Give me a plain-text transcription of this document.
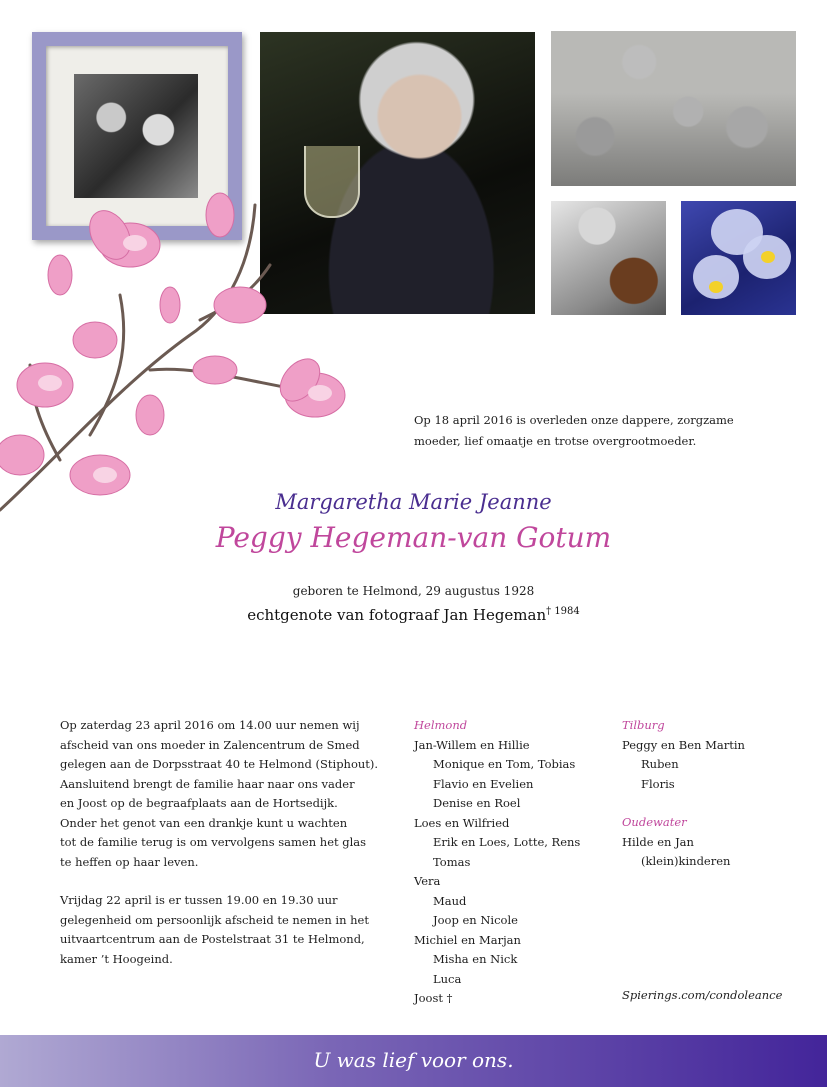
Op 18 april 2016 is overleden onze dappere, zorgzame
moeder, lief omaatje en trotse overgrootmoeder.
Margaretha Marie Jeanne
Peggy Hegeman-van Gotum
geboren te Helmond, 29 augustus 1928
echtgenote van fotograaf Jan Hegeman$^{\dagger 1984}$
Op zaterdag 23 april 2016 om 14.00 uur nemen wij
afscheid van ons moeder in Zalencentrum de Smed
gelegen aan de Dorpsstraat 40 te Helmond (Stiphout).
Aansluitend brengt de familie haar naar ons vader
en Joost op de begraafplaats aan de Hortsedijk.
Onder het genot van een drankje kunt u wachten
tot de familie terug is om vervolgens samen het glas
te heffen op haar leven.
Vrijdag 22 april is er tussen 19.00 en 19.30 uur
gelegenheid om persoonlijk afscheid te nemen in het
uitvaartcentrum aan de Postelstraat 31 te Helmond,
kamer ’t Hoogeind.
Helmond
Jan-Willem en Hillie
Monique en Tom, Tobias
Flavio en Evelien
Denise en Roel
Loes en Wilfried
Erik en Loes, Lotte, Rens
Tomas
Vera
Maud
Joop en Nicole
Michiel en Marjan
Misha en Nick
Luca
Joost †
Tilburg
Peggy en Ben Martin
Ruben
Floris
Oudewater
Hilde en Jan
(klein)kinderen
Spierings.com/condoleance
U was lief voor ons.
